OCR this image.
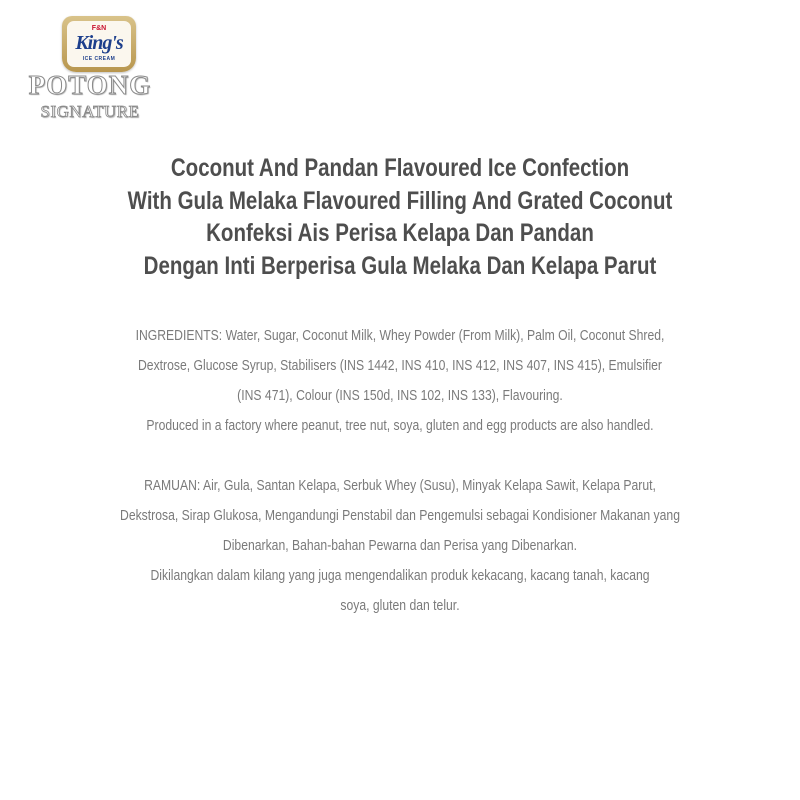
F&N
King's
ICE CREAM
POTONG
SIGNATURE
Coconut And Pandan Flavoured Ice Confection
With Gula Melaka Flavoured Filling And Grated Coconut
Konfeksi Ais Perisa Kelapa Dan Pandan
Dengan Inti Berperisa Gula Melaka Dan Kelapa Parut
INGREDIENTS: Water, Sugar, Coconut Milk, Whey Powder (From Milk), Palm Oil, Coconut Shred,
Dextrose, Glucose Syrup, Stabilisers (INS 1442, INS 410, INS 412, INS 407, INS 415), Emulsifier
(INS 471), Colour (INS 150d, INS 102, INS 133), Flavouring.
Produced in a factory where peanut, tree nut, soya, gluten and egg products are also handled.
RAMUAN: Air, Gula, Santan Kelapa, Serbuk Whey (Susu), Minyak Kelapa Sawit, Kelapa Parut,
Dekstrosa, Sirap Glukosa, Mengandungi Penstabil dan Pengemulsi sebagai Kondisioner Makanan yang
Dibenarkan, Bahan-bahan Pewarna dan Perisa yang Dibenarkan.
Dikilangkan dalam kilang yang juga mengendalikan produk kekacang, kacang tanah, kacang
soya, gluten dan telur.
